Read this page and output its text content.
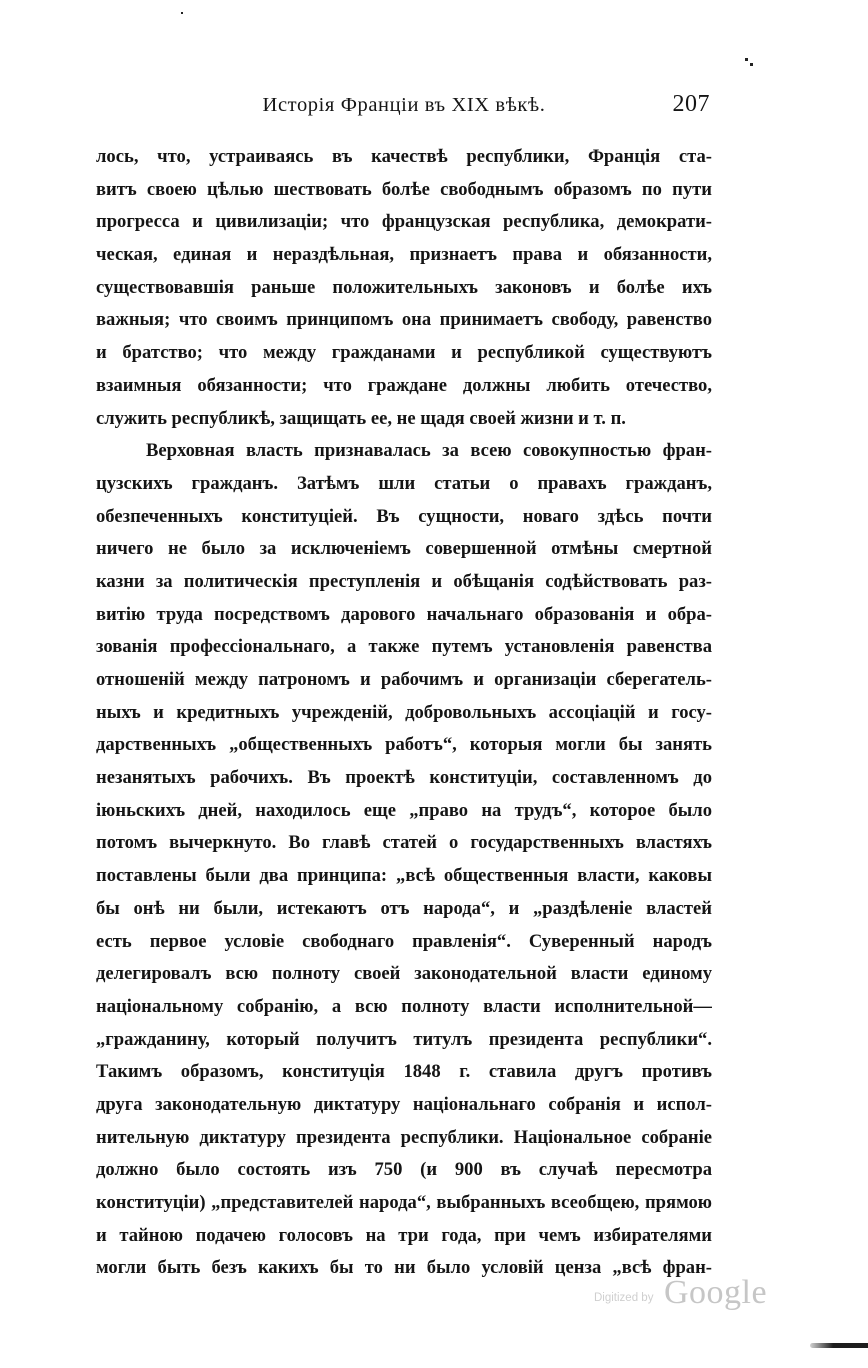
Исторія Франціи въ XIX вѣкѣ.	207
лось, что, устраиваясь въ качествѣ республики, Франція ста-
витъ своею цѣлью шествовать болѣе свободнымъ образомъ по пути
прогресса и цивилизаціи; что французская республика, демократи-
ческая, единая и нераздѣльная, признаетъ права и обязанности,
существовавшія раньше положительныхъ законовъ и болѣе ихъ
важныя; что своимъ принципомъ она принимаетъ свободу, равенство
и братство; что между гражданами и республикой существуютъ
взаимныя обязанности; что граждане должны любить отечество,
служить республикѣ, защищать ее, не щадя своей жизни и т. п.
Верховная власть признавалась за всею совокупностью фран-
цузскихъ гражданъ. Затѣмъ шли статьи о правахъ гражданъ,
обезпеченныхъ конституціей. Въ сущности, новаго здѣсь почти
ничего не было за исключеніемъ совершенной отмѣны смертной
казни за политическія преступленія и обѣщанія содѣйствовать раз-
витію труда посредствомъ дарового начальнаго образованія и обра-
зованія профессіональнаго, а также путемъ установленія равенства
отношеній между патрономъ и рабочимъ и организаціи сберегатель-
ныхъ и кредитныхъ учрежденій, добровольныхъ ассоціацій и госу-
дарственныхъ „общественныхъ работъ“, которыя могли бы занять
незанятыхъ рабочихъ. Въ проектѣ конституціи, составленномъ до
іюньскихъ дней, находилось еще „право на трудъ“, которое было
потомъ вычеркнуто. Во главѣ статей о государственныхъ властяхъ
поставлены были два принципа: „всѣ общественныя власти, каковы
бы онѣ ни были, истекаютъ отъ народа“, и „раздѣленіе властей
есть первое условіе свободнаго правленія“. Суверенный народъ
делегировалъ всю полноту своей законодательной власти единому
національному собранію, а всю полноту власти исполнительной—
„гражданину, который получитъ титулъ президента республики“.
Такимъ образомъ, конституція 1848 г. ставила другъ противъ
друга законодательную диктатуру національнаго собранія и испол-
нительную диктатуру президента республики. Національное собраніе
должно было состоять изъ 750 (и 900 въ случаѣ пересмотра
конституціи) „представителей народа“, выбранныхъ всеобщею, прямою
и тайною подачею голосовъ на три года, при чемъ избирателями
могли быть безъ какихъ бы то ни было условій ценза „всѣ фран-
Digitized by Google
